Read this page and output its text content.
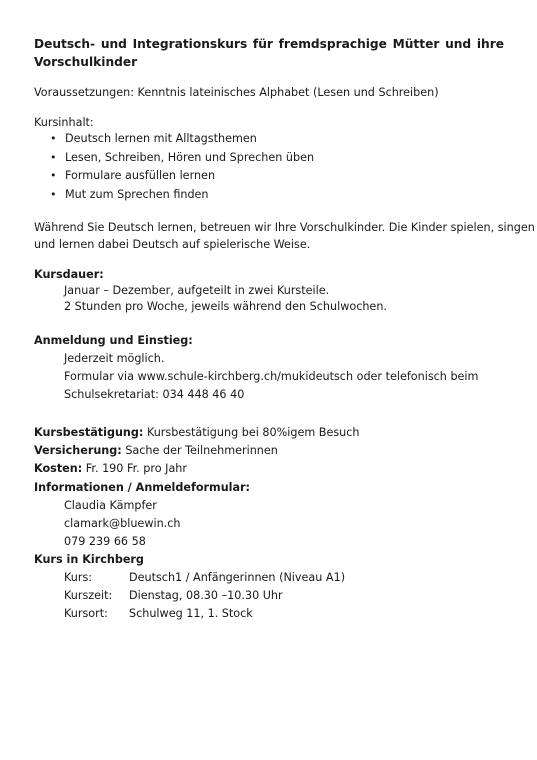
Deutsch- und Integrationskurs für fremdsprachige Mütter und ihre
Vorschulkinder
Voraussetzungen: Kenntnis lateinisches Alphabet (Lesen und Schreiben)
Kursinhalt:
• Deutsch lernen mit Alltagsthemen
• Lesen, Schreiben, Hören und Sprechen üben
• Formulare ausfüllen lernen
• Mut zum Sprechen finden
Während Sie Deutsch lernen, betreuen wir Ihre Vorschulkinder. Die Kinder spielen, singen
und lernen dabei Deutsch auf spielerische Weise.
Kursdauer:
Januar – Dezember, aufgeteilt in zwei Kursteile.
2 Stunden pro Woche, jeweils während den Schulwochen.
Anmeldung und Einstieg:
Jederzeit möglich.
Formular via www.schule-kirchberg.ch/mukideutsch oder telefonisch beim
Schulsekretariat: 034 448 46 40
Kursbestätigung: Kursbestätigung bei 80%igem Besuch
Versicherung: Sache der Teilnehmerinnen
Kosten: Fr. 190 Fr. pro Jahr
Informationen / Anmeldeformular:
Claudia Kämpfer
clamark@bluewin.ch
079 239 66 58
Kurs in Kirchberg
Kurs:	Deutsch1 / Anfängerinnen (Niveau A1)
Kurszeit: Dienstag, 08.30 –10.30 Uhr
Kursort: Schulweg 11, 1. Stock
